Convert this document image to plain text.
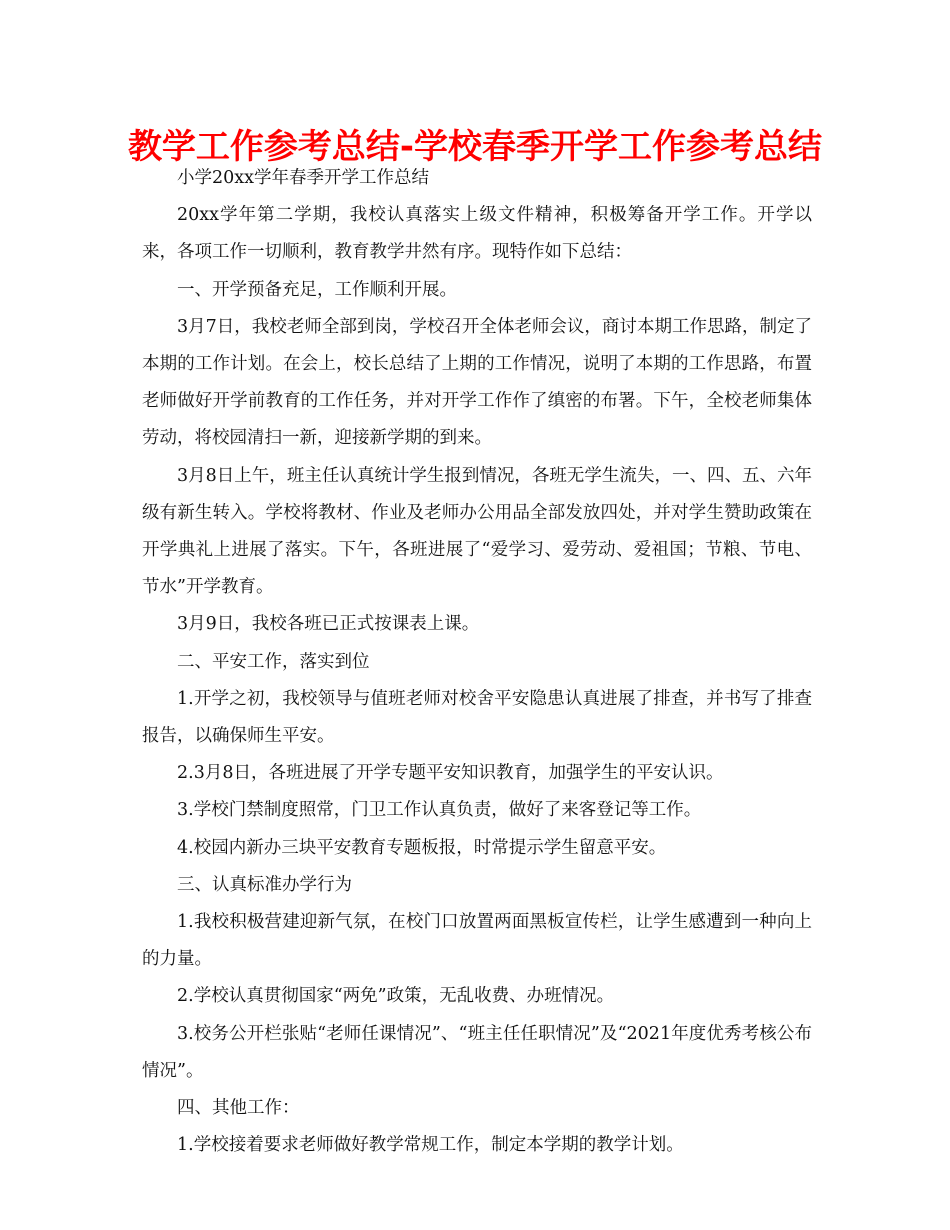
教学工作参考总结-学校春季开学工作参考总结

小学20xx学年春季开学工作总结

20xx学年第二学期，我校认真落实上级文件精神，积极筹备开学工作。开学以来，各项工作一切顺利，教育教学井然有序。现特作如下总结：

一、开学预备充足，工作顺利开展。

3月7日，我校老师全部到岗，学校召开全体老师会议，商讨本期工作思路，制定了本期的工作计划。在会上，校长总结了上期的工作情况，说明了本期的工作思路，布置老师做好开学前教育的工作任务，并对开学工作作了缜密的布署。下午，全校老师集体劳动，将校园清扫一新，迎接新学期的到来。

3月8日上午，班主任认真统计学生报到情况，各班无学生流失，一、四、五、六年级有新生转入。学校将教材、作业及老师办公用品全部发放四处，并对学生赞助政策在开学典礼上进展了落实。下午，各班进展了“爱学习、爱劳动、爱祖国；节粮、节电、节水”开学教育。

3月9日，我校各班已正式按课表上课。

二、平安工作，落实到位

1.开学之初，我校领导与值班老师对校舍平安隐患认真进展了排查，并书写了排查报告，以确保师生平安。

2.3月8日，各班进展了开学专题平安知识教育，加强学生的平安认识。

3.学校门禁制度照常，门卫工作认真负责，做好了来客登记等工作。

4.校园内新办三块平安教育专题板报，时常提示学生留意平安。

三、认真标准办学行为

1.我校积极营建迎新气氛，在校门口放置两面黑板宣传栏，让学生感遭到一种向上的力量。

2.学校认真贯彻国家“两免”政策，无乱收费、办班情况。

3.校务公开栏张贴“老师任课情况”、“班主任任职情况”及“2021年度优秀考核公布情况”。

四、其他工作：

1.学校接着要求老师做好教学常规工作，制定本学期的教学计划。
